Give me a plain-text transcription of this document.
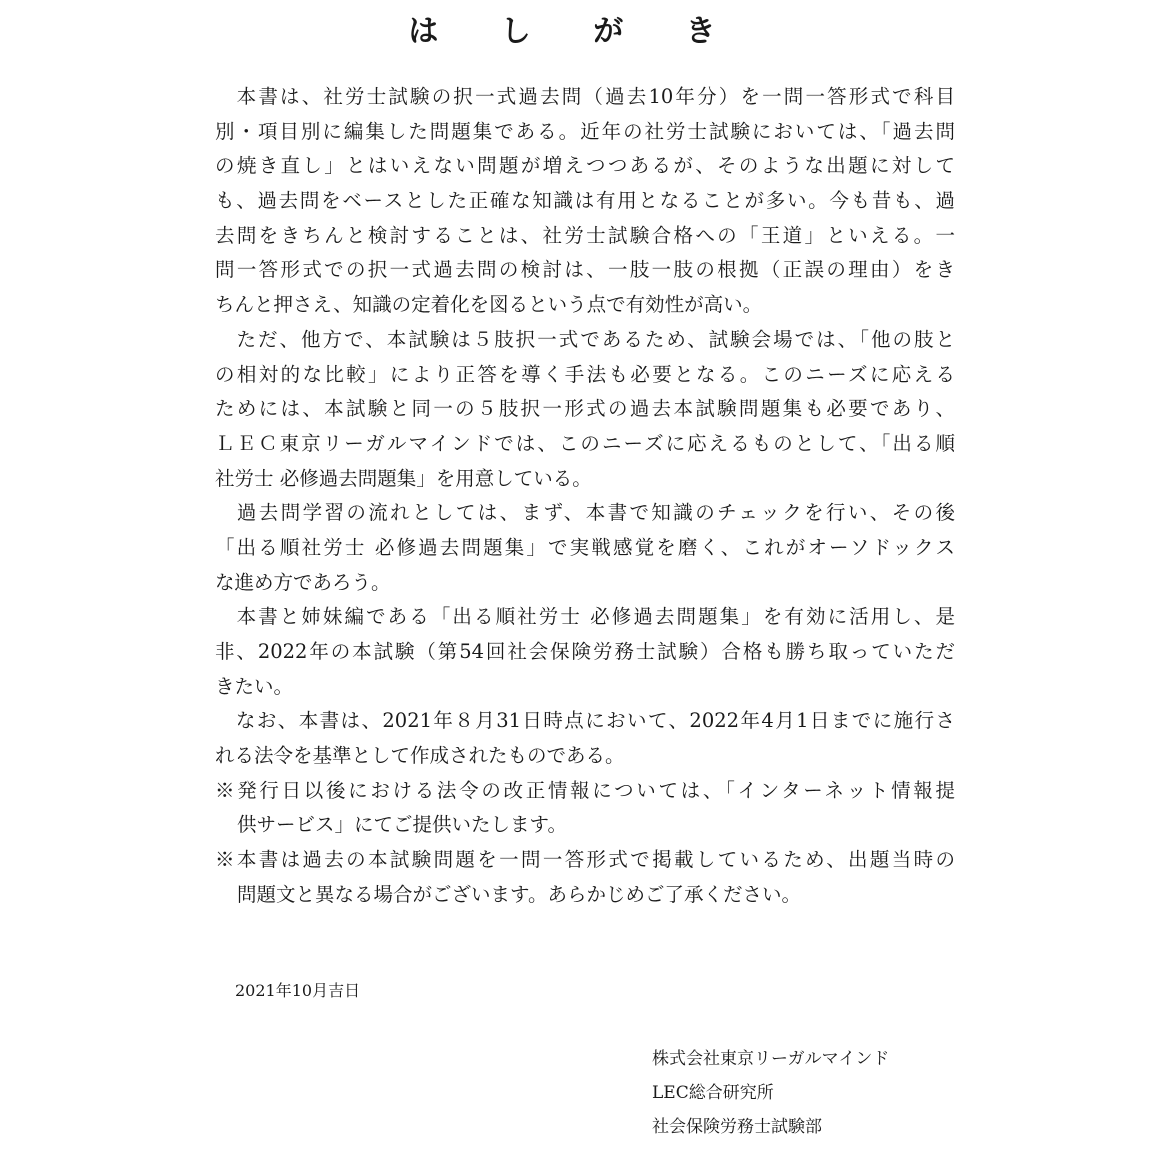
は し が き
　本書は、社労士試験の択一式過去問（過去10年分）を一問一答形式で科目
別・項目別に編集した問題集である。近年の社労士試験においては、「過去問
の焼き直し」とはいえない問題が増えつつあるが、そのような出題に対して
も、過去問をベースとした正確な知識は有用となることが多い。今も昔も、過
去問をきちんと検討することは、社労士試験合格への「王道」といえる。一
問一答形式での択一式過去問の検討は、一肢一肢の根拠（正誤の理由）をき
ちんと押さえ、知識の定着化を図るという点で有効性が高い。
　ただ、他方で、本試験は５肢択一式であるため、試験会場では、「他の肢と
の相対的な比較」により正答を導く手法も必要となる。このニーズに応える
ためには、本試験と同一の５肢択一形式の過去本試験問題集も必要であり、
ＬＥＣ東京リーガルマインドでは、このニーズに応えるものとして、「出る順
社労士 必修過去問題集」を用意している。
　過去問学習の流れとしては、まず、本書で知識のチェックを行い、その後
「出る順社労士 必修過去問題集」で実戦感覚を磨く、これがオーソドックス
な進め方であろう。
　本書と姉妹編である「出る順社労士 必修過去問題集」を有効に活用し、是
非、2022年の本試験（第54回社会保険労務士試験）合格も勝ち取っていただ
きたい。
　なお、本書は、2021年８月31日時点において、2022年4月1日までに施行さ
れる法令を基準として作成されたものである。
※発行日以後における法令の改正情報については、「インターネット情報提
供サービス」にてご提供いたします。
※本書は過去の本試験問題を一問一答形式で掲載しているため、出題当時の
問題文と異なる場合がございます。あらかじめご了承ください。
2021年10月吉日
株式会社東京リーガルマインド
LEC総合研究所
社会保険労務士試験部
